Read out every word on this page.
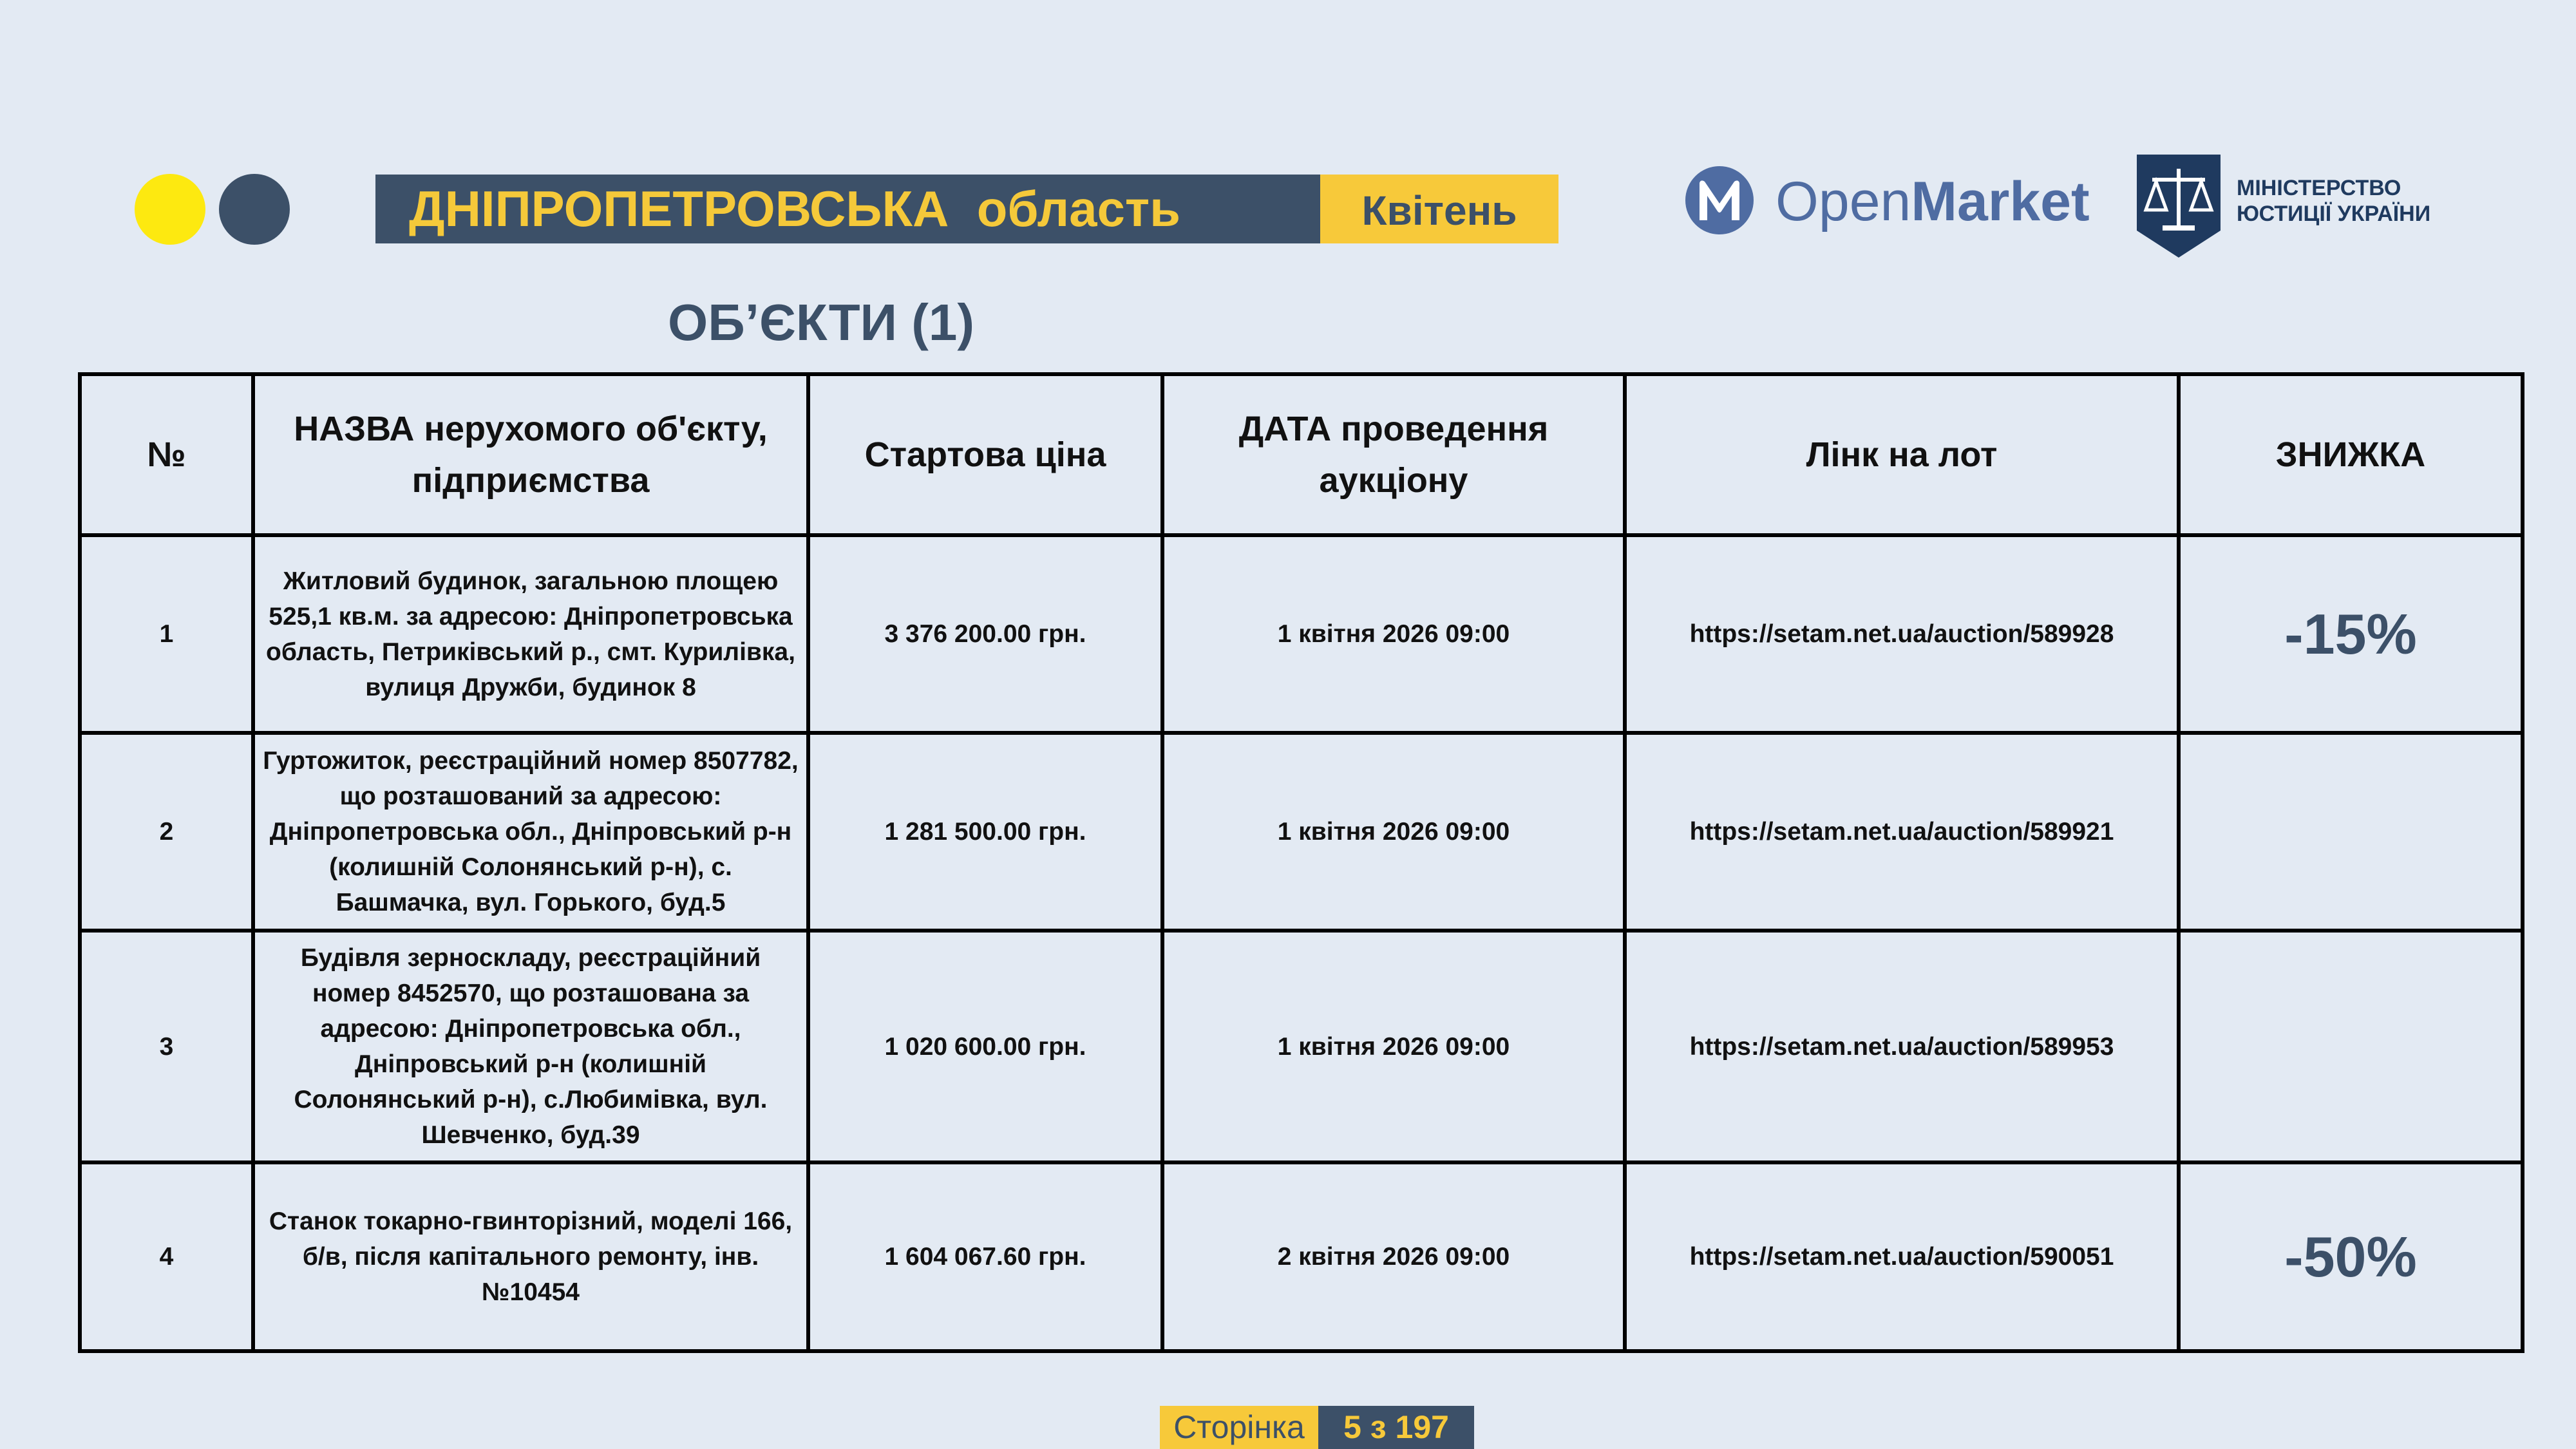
ДНІПРОПЕТРОВСЬКА  область	Квітень	OpenMarket	МІНІСТЕРСТВО
ЮСТИЦІЇ УКРАЇНИ
ОБ’ЄКТИ (1)
№	НАЗВА нерухомого об'єкту, підприємства	Стартова ціна	ДАТА проведення аукціону	Лінк на лот	ЗНИЖКА
1	Житловий будинок, загальною площею 525,1 кв.м. за адресою: Дніпропетровська область, Петриківський р., смт. Курилівка, вулиця Дружби, будинок 8	3 376 200.00 грн.	1 квітня 2026 09:00	https://setam.net.ua/auction/589928	-15%
2	Гуртожиток, реєстраційний номер 8507782, що розташований за адресою: Дніпропетровська обл., Дніпровський р-н (колишній Солонянський р-н), с. Башмачка, вул. Горького, буд.5	1 281 500.00 грн.	1 квітня 2026 09:00	https://setam.net.ua/auction/589921	
3	Будівля зерноскладу, реєстраційний номер 8452570, що розташована за адресою: Дніпропетровська обл., Дніпровський р-н (колишній Солонянський р-н), с.Любимівка, вул. Шевченко, буд.39	1 020 600.00 грн.	1 квітня 2026 09:00	https://setam.net.ua/auction/589953	
4	Станок токарно-гвинторізний, моделі 166, б/в, після капітального ремонту, інв. №10454	1 604 067.60 грн.	2 квітня 2026 09:00	https://setam.net.ua/auction/590051	-50%
Сторінка	5 з 197
